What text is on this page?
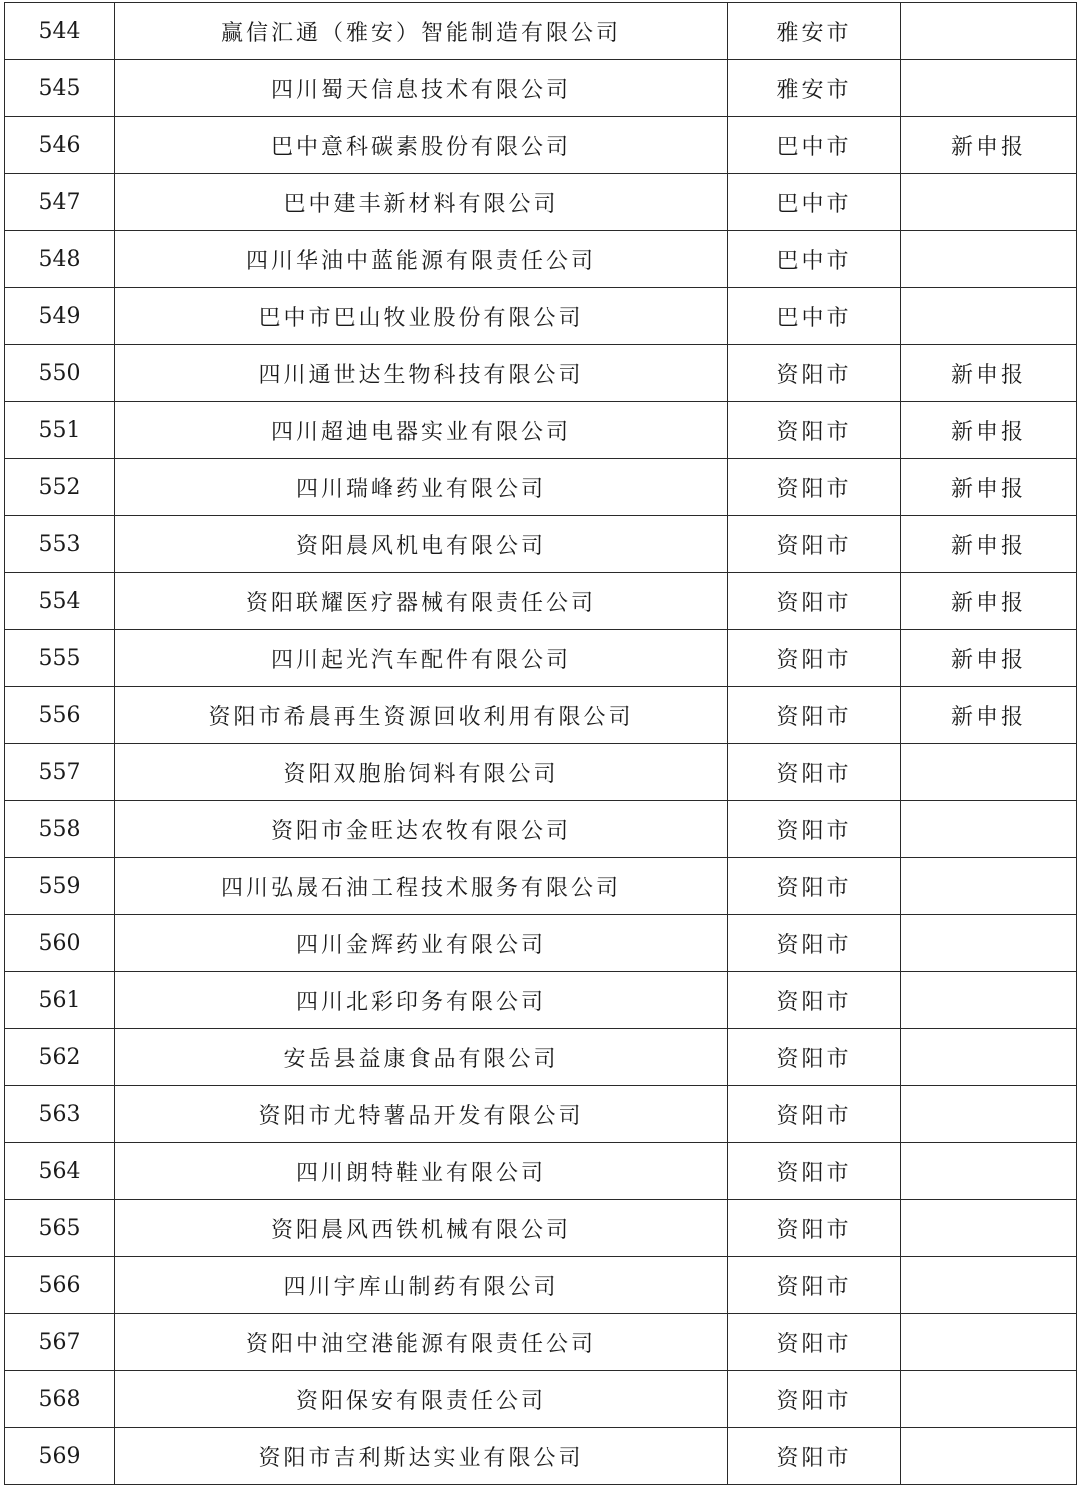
544	赢信汇通（雅安）智能制造有限公司	雅安市	
545	四川蜀天信息技术有限公司	雅安市	
546	巴中意科碳素股份有限公司	巴中市	新申报
547	巴中建丰新材料有限公司	巴中市	
548	四川华油中蓝能源有限责任公司	巴中市	
549	巴中市巴山牧业股份有限公司	巴中市	
550	四川通世达生物科技有限公司	资阳市	新申报
551	四川超迪电器实业有限公司	资阳市	新申报
552	四川瑞峰药业有限公司	资阳市	新申报
553	资阳晨风机电有限公司	资阳市	新申报
554	资阳联耀医疗器械有限责任公司	资阳市	新申报
555	四川起光汽车配件有限公司	资阳市	新申报
556	资阳市希晨再生资源回收利用有限公司	资阳市	新申报
557	资阳双胞胎饲料有限公司	资阳市	
558	资阳市金旺达农牧有限公司	资阳市	
559	四川弘晟石油工程技术服务有限公司	资阳市	
560	四川金辉药业有限公司	资阳市	
561	四川北彩印务有限公司	资阳市	
562	安岳县益康食品有限公司	资阳市	
563	资阳市尤特薯品开发有限公司	资阳市	
564	四川朗特鞋业有限公司	资阳市	
565	资阳晨风西铁机械有限公司	资阳市	
566	四川宇库山制药有限公司	资阳市	
567	资阳中油空港能源有限责任公司	资阳市	
568	资阳保安有限责任公司	资阳市	
569	资阳市吉利斯达实业有限公司	资阳市	
